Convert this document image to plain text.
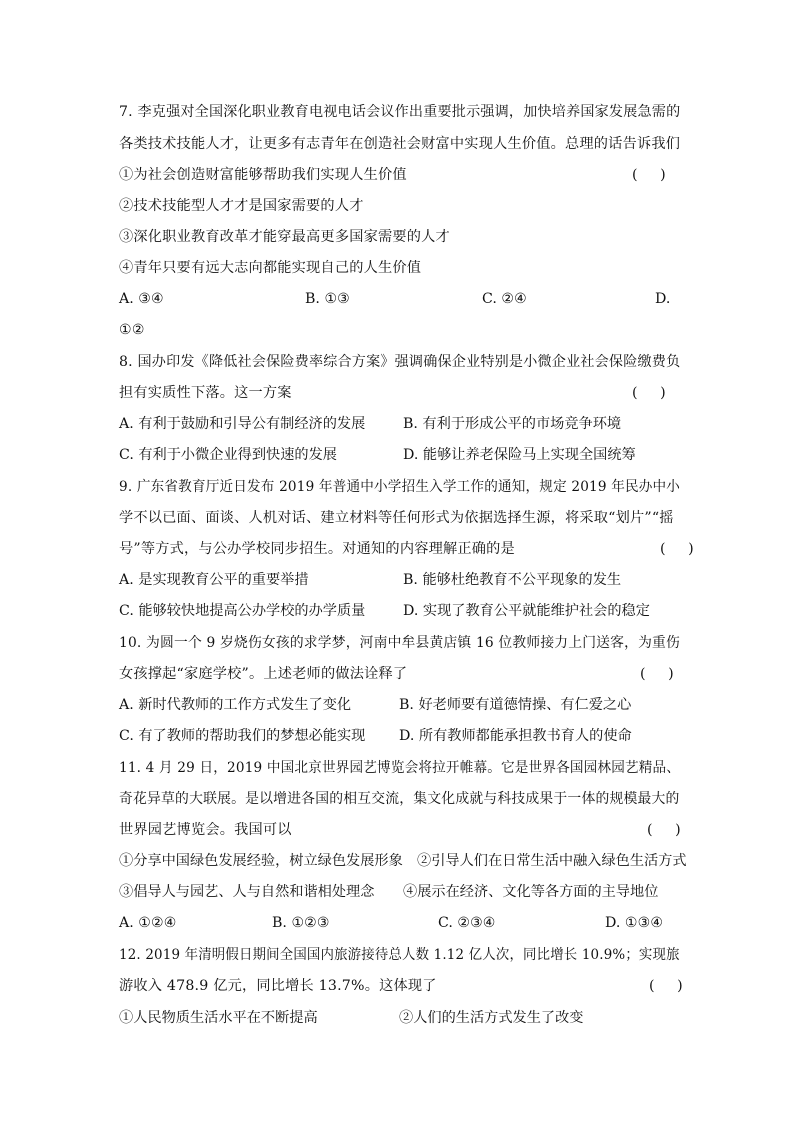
7. 李克强对全国深化职业教育电视电话会议作出重要批示强调，加快培养国家发展急需的
各类技术技能人才，让更多有志青年在创造社会财富中实现人生价值。总理的话告诉我们
①为社会创造财富能够帮助我们实现人生价值	(     )
②技术技能型人才才是国家需要的人才
③深化职业教育改革才能穿最高更多国家需要的人才
④青年只要有远大志向都能实现自己的人生价值
A. ③④	B. ①③	C. ②④	D.
①②
8. 国办印发《降低社会保险费率综合方案》强调确保企业特别是小微企业社会保险缴费负
担有实质性下落。这一方案	(     )
A. 有利于鼓励和引导公有制经济的发展	B. 有利于形成公平的市场竞争环境
C. 有利于小微企业得到快速的发展	D. 能够让养老保险马上实现全国统筹
9. 广东省教育厅近日发布 2019 年普通中小学招生入学工作的通知，规定 2019 年民办中小
学不以已面、面谈、人机对话、建立材料等任何形式为依据选择生源，将采取“划片”“摇
号”等方式，与公办学校同步招生。对通知的内容理解正确的是	(     )
A. 是实现教育公平的重要举措	B. 能够杜绝教育不公平现象的发生
C. 能够较快地提高公办学校的办学质量	D. 实现了教育公平就能维护社会的稳定
10. 为圆一个 9 岁烧伤女孩的求学梦，河南中牟县黄店镇 16 位教师接力上门送客，为重伤
女孩撑起“家庭学校”。上述老师的做法诠释了	(     )
A. 新时代教师的工作方式发生了变化	B. 好老师要有道德情操、有仁爱之心
C. 有了教师的帮助我们的梦想必能实现 D. 所有教师都能承担教书育人的使命
11. 4 月 29 日，2019 中国北京世界园艺博览会将拉开帷幕。它是世界各国园林园艺精品、
奇花异草的大联展。是以增进各国的相互交流，集文化成就与科技成果于一体的规模最大的
世界园艺博览会。我国可以	(     )
①分享中国绿色发展经验，树立绿色发展形象 ②引导人们在日常生活中融入绿色生活方式
③倡导人与园艺、人与自然和谐相处理念 ④展示在经济、文化等各方面的主导地位
A. ①②④	B. ①②③	C. ②③④	D. ①③④
12. 2019 年清明假日期间全国国内旅游接待总人数 1.12 亿人次，同比增长 10.9%；实现旅
游收入 478.9 亿元，同比增长 13.7%。这体现了	(     )
①人民物质生活水平在不断提高	②人们的生活方式发生了改变
